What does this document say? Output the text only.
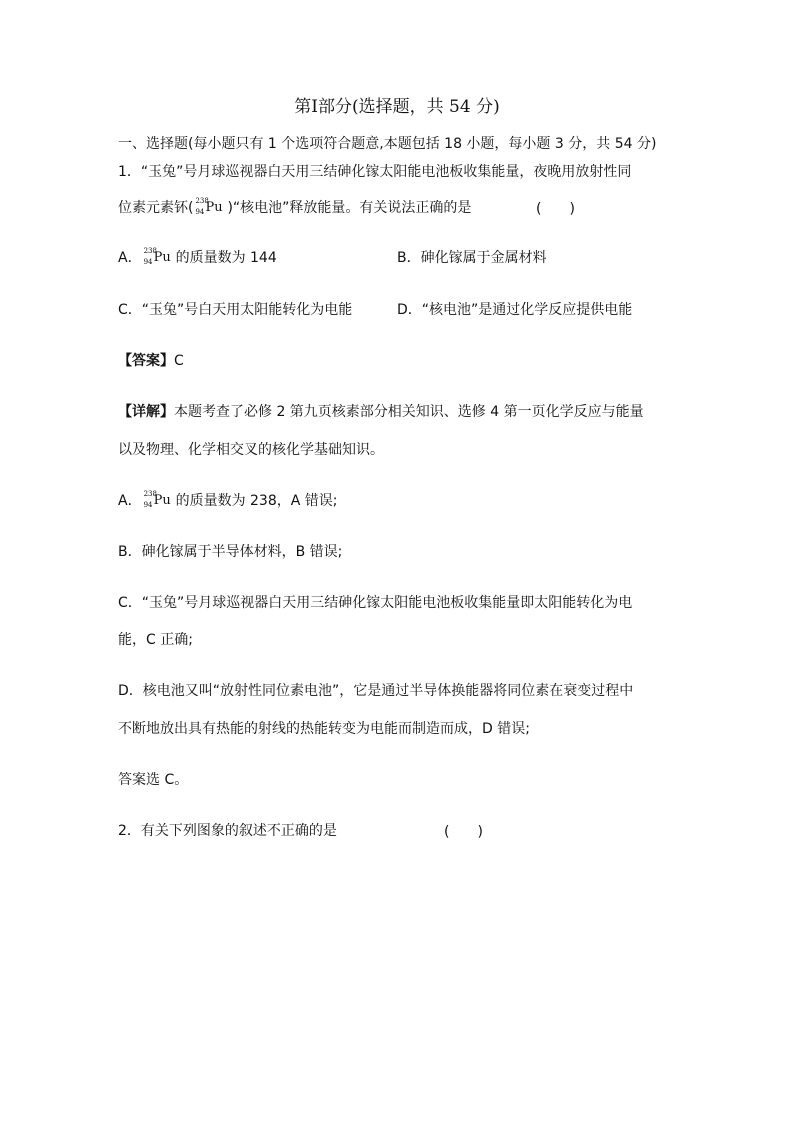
第Ⅰ部分(选择题，共 54 分)
一、选择题(每小题只有 1 个选项符合题意,本题包括 18 小题，每小题 3 分，共 54 分)
1．“玉兔”号月球巡视器白天用三结砷化镓太阳能电池板收集能量，夜晚用放射性同
位素元素钚( 238
94 Pu )“核电池”释放能量。有关说法正确的是	(　　)
A． 238
94 Pu 的质量数为 144	B．砷化镓属于金属材料
C．“玉兔”号白天用太阳能转化为电能	D．“核电池”是通过化学反应提供电能
【答案】C
【详解】本题考查了必修 2 第九页核素部分相关知识、选修 4 第一页化学反应与能量
以及物理、化学相交叉的核化学基础知识。
A． 238
94 Pu 的质量数为 238，A 错误;
B．砷化镓属于半导体材料，B 错误;
C．“玉兔”号月球巡视器白天用三结砷化镓太阳能电池板收集能量即太阳能转化为电
能，C 正确;
D．核电池又叫“放射性同位素电池”，它是通过半导体换能器将同位素在衰变过程中
不断地放出具有热能的射线的热能转变为电能而制造而成，D 错误;
答案选 C。
2．有关下列图象的叙述不正确的是	(　　)
